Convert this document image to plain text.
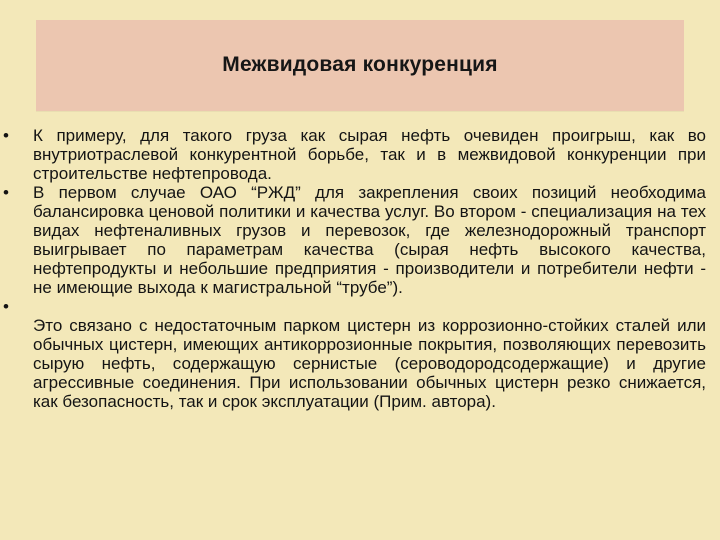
Межвидовая конкуренция
•	К примеру, для такого груза как сырая нефть очевиден проигрыш, как во внутриотраслевой конкурентной борьбе, так и в межвидовой конкуренции при строительстве нефтепровода.
•	В первом случае ОАО “РЖД” для закрепления своих позиций необходима балансировка ценовой политики и качества услуг. Во втором - специализация на тех видах нефтеналивных грузов и перевозок, где железнодорожный транспорт выигрывает по параметрам качества (сырая нефть высокого качества, нефтепродукты и небольшие предприятия - производители и потребители нефти - не имеющие выхода к магистральной “трубе”).
•
Это связано с недостаточным парком цистерн из коррозионно-стойких сталей или обычных цистерн, имеющих антикоррозионные покрытия, позволяющих перевозить сырую нефть, содержащую сернистые (сероводородсодержащие) и другие агрессивные соединения. При использовании обычных цистерн резко снижается, как безопасность, так и срок эксплуатации (Прим. автора).
